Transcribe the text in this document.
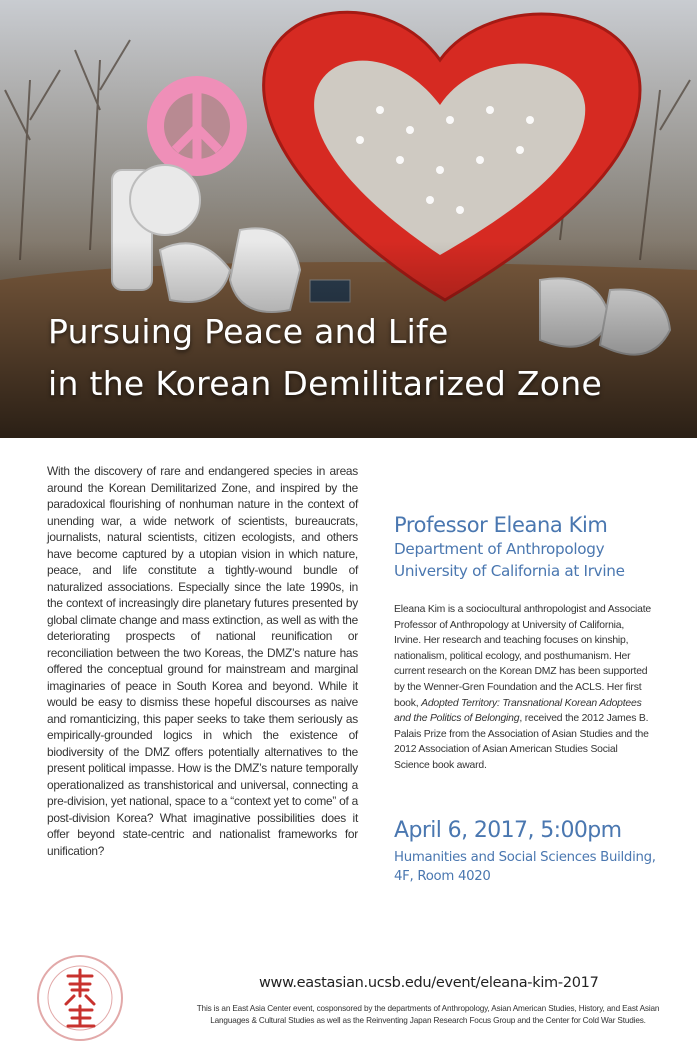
Pursuing Peace and Life
in the Korean Demilitarized Zone
With the discovery of rare and endangered species in areas around the Korean Demilitarized Zone, and inspired by the paradoxical flourishing of nonhuman nature in the context of unending war, a wide network of scientists, bureaucrats, journalists, natural scientists, citizen ecologists, and others have become captured by a utopian vision in which nature, peace, and life constitute a tightly-wound bundle of naturalized associations. Especially since the late 1990s, in the context of increasingly dire planetary futures presented by global climate change and mass extinction, as well as with the deteriorating prospects of national reunification or reconciliation between the two Koreas, the DMZ’s nature has offered the conceptual ground for mainstream and marginal imaginaries of peace in South Korea and beyond. While it would be easy to dismiss these hopeful discourses as naive and romanticizing, this paper seeks to take them seriously as empirically-grounded logics in which the existence of biodiversity of the DMZ offers potentially alternatives to the present political impasse. How is the DMZ’s nature temporally operationalized as transhistorical and universal, connecting a pre-division, yet national, space to a “context yet to come” of a post-division Korea? What imaginative possibilities does it offer beyond state-centric and nationalist frameworks for unification?
Professor Eleana Kim
Department of Anthropology
University of California at Irvine
Eleana Kim is a sociocultural anthropologist and Associate Professor of Anthropology at University of California, Irvine. Her research and teaching focuses on kinship, nationalism, political ecology, and posthumanism. Her current research on the Korean DMZ has been supported by the Wenner-Gren Foundation and the ACLS. Her first book, Adopted Territory: Transnational Korean Adoptees and the Politics of Belonging, received the 2012 James B. Palais Prize from the Association of Asian Studies and the 2012 Association of Asian American Studies Social Science book award.
April 6, 2017, 5:00pm
Humanities and Social Sciences Building,
4F, Room 4020
www.eastasian.ucsb.edu/event/eleana-kim-2017
This is an East Asia Center event, cosponsored by the departments of Anthropology, Asian American Studies, History, and East Asian Languages & Cultural Studies as well as the Reinventing Japan Research Focus Group and the Center for Cold War Studies.
